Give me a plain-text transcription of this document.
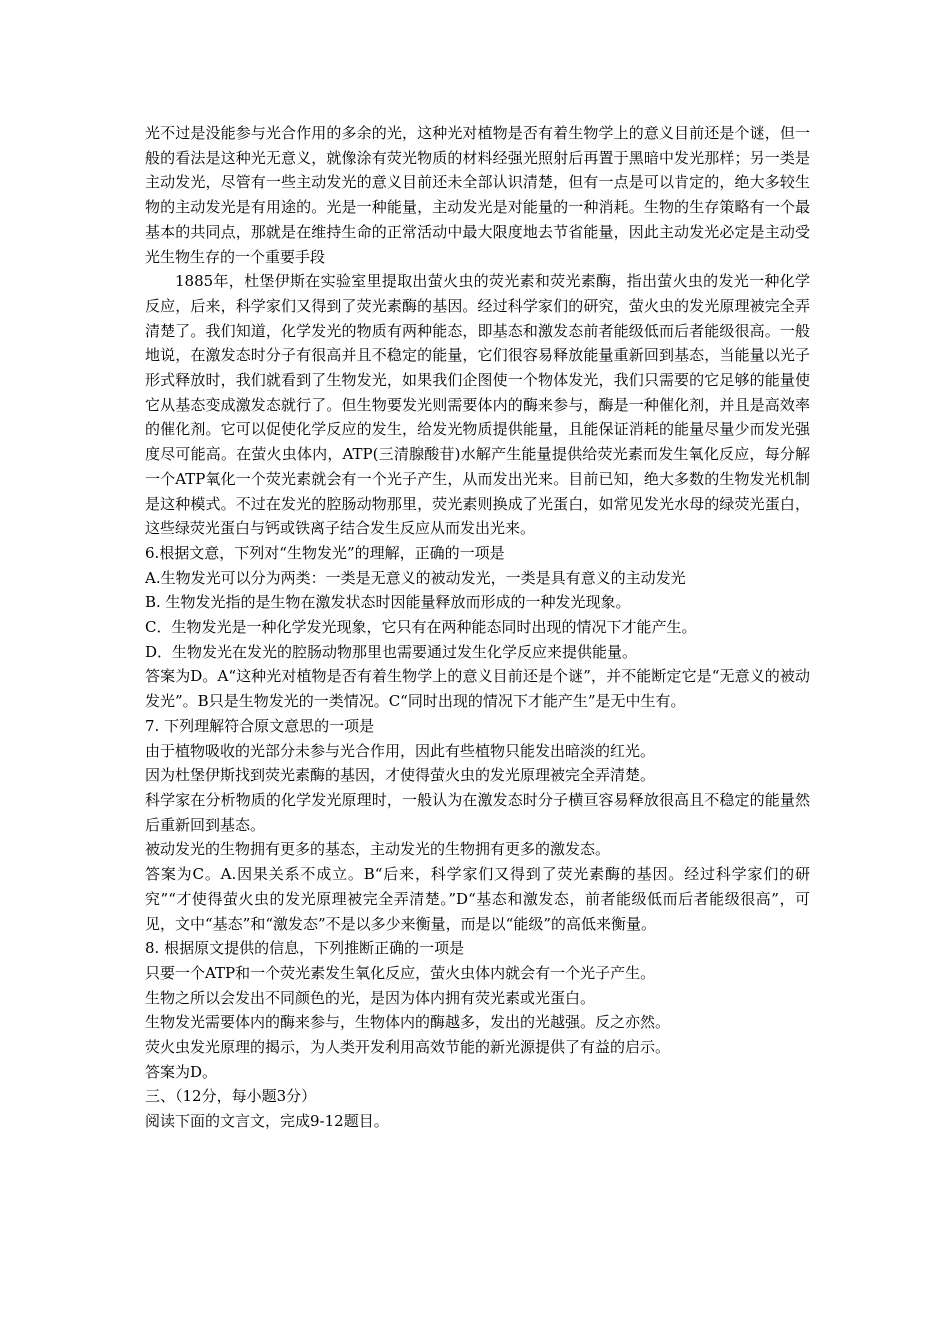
光不过是没能参与光合作用的多余的光，这种光对植物是否有着生物学上的意义目前还是个谜，但一般的看法是这种光无意义，就像涂有荧光物质的材料经强光照射后再置于黑暗中发光那样；另一类是主动发光，尽管有一些主动发光的意义目前还未全部认识清楚，但有一点是可以肯定的，绝大多较生物的主动发光是有用途的。光是一种能量，主动发光是对能量的一种消耗。生物的生存策略有一个最基本的共同点，那就是在维持生命的正常活动中最大限度地去节省能量，因此主动发光必定是主动受光生物生存的一个重要手段

1885年，杜堡伊斯在实验室里提取出萤火虫的荧光素和荧光素酶，指出萤火虫的发光一种化学反应，后来，科学家们又得到了荧光素酶的基因。经过科学家们的研究，萤火虫的发光原理被完全弄清楚了。我们知道，化学发光的物质有两种能态，即基态和激发态前者能级低而后者能级很高。一般地说，在激发态时分子有很高并且不稳定的能量，它们很容易释放能量重新回到基态，当能量以光子形式释放时，我们就看到了生物发光，如果我们企图使一个物体发光，我们只需要的它足够的能量使它从基态变成激发态就行了。但生物要发光则需要体内的酶来参与，酶是一种催化剂，并且是高效率的催化剂。它可以促使化学反应的发生，给发光物质提供能量，且能保证消耗的能量尽量少而发光强度尽可能高。在萤火虫体内，ATP(三清腺酸苷)水解产生能量提供给荧光素而发生氧化反应，每分解一个ATP氧化一个荧光素就会有一个光子产生，从而发出光来。目前已知，绝大多数的生物发光机制是这种模式。不过在发光的腔肠动物那里，荧光素则换成了光蛋白，如常见发光水母的绿荧光蛋白，这些绿荧光蛋白与钙或铁离子结合发生反应从而发出光来。

6.根据文意，下列对“生物发光”的理解，正确的一项是

A.生物发光可以分为两类：一类是无意义的被动发光，一类是具有意义的主动发光

B. 生物发光指的是生物在激发状态时因能量释放而形成的一种发光现象。

C．生物发光是一种化学发光现象，它只有在两种能态同时出现的情况下才能产生。

D．生物发光在发光的腔肠动物那里也需要通过发生化学反应来提供能量。

答案为D。A“这种光对植物是否有着生物学上的意义目前还是个谜”，并不能断定它是“无意义的被动发光”。B只是生物发光的一类情况。C“同时出现的情况下才能产生”是无中生有。

7. 下列理解符合原文意思的一项是

由于植物吸收的光部分未参与光合作用，因此有些植物只能发出暗淡的红光。

因为杜堡伊斯找到荧光素酶的基因，才使得萤火虫的发光原理被完全弄清楚。

科学家在分析物质的化学发光原理时，一般认为在激发态时分子横亘容易释放很高且不稳定的能量然后重新回到基态。

被动发光的生物拥有更多的基态，主动发光的生物拥有更多的激发态。

答案为C。A.因果关系不成立。B“后来，科学家们又得到了荧光素酶的基因。经过科学家们的研究”“才使得萤火虫的发光原理被完全弄清楚。”D“基态和激发态，前者能级低而后者能级很高”，可见，文中“基态”和“激发态”不是以多少来衡量，而是以“能级”的高低来衡量。

8. 根据原文提供的信息，下列推断正确的一项是

只要一个ATP和一个荧光素发生氧化反应，萤火虫体内就会有一个光子产生。

生物之所以会发出不同颜色的光，是因为体内拥有荧光素或光蛋白。

生物发光需要体内的酶来参与，生物体内的酶越多，发出的光越强。反之亦然。

荧火虫发光原理的揭示，为人类开发利用高效节能的新光源提供了有益的启示。

答案为D。

三、（12分，每小题3分）

阅读下面的文言文，完成9-12题目。
